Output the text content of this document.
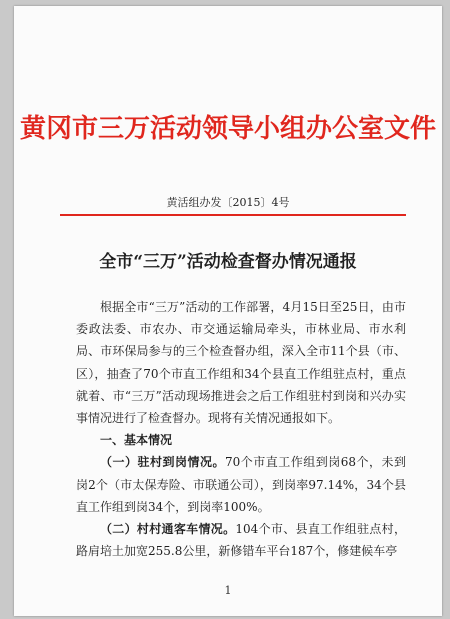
黄冈市三万活动领导小组办公室文件
黄活组办发〔2015〕4号
全市“三万”活动检查督办情况通报

根据全市“三万”活动的工作部署，4月15日至25日，由市委政法委、市农办、市交通运输局牵头，市林业局、市水利局、市环保局参与的三个检查督办组，深入全市11个县（市、区），抽查了70个市直工作组和34个县直工作组驻点村，重点就着、市“三万”活动现场推进会之后工作组驻村到岗和兴办实事情况进行了检查督办。现将有关情况通报如下。

一、基本情况

（一）驻村到岗情况。70个市直工作组到岗68个，未到岗2个（市太保寿险、市联通公司），到岗率97.14%，34个县直工作组到岗34个，到岗率100%。

（二）村村通客车情况。104个市、县直工作组驻点村，路肩培土加宽255.8公里，新修错车平台187个，修建候车亭

1
